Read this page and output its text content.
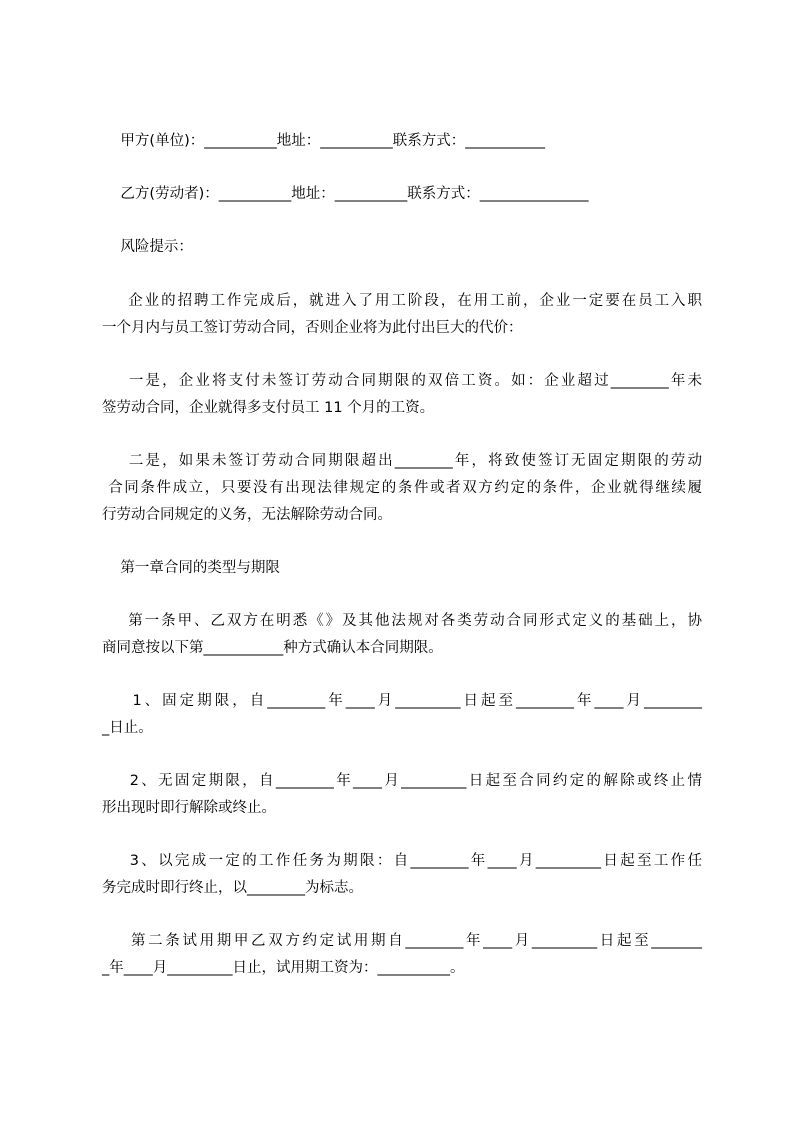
甲方(单位)：__________地址：__________联系方式：___________
乙方(劳动者)：__________地址：__________联系方式：_______________
风险提示：
企业的招聘工作完成后，就进入了用工阶段，在用工前，企业一定要在员工入职
一个月内与员工签订劳动合同，否则企业将为此付出巨大的代价：
一是，企业将支付未签订劳动合同期限的双倍工资。如：企业超过________年未
签劳动合同，企业就得多支付员工 11 个月的工资。
二是，如果未签订劳动合同期限超出________年，将致使签订无固定期限的劳动
合同条件成立，只要没有出现法律规定的条件或者双方约定的条件，企业就得继续履
行劳动合同规定的义务，无法解除劳动合同。
第一章合同的类型与期限
第一条甲、乙双方在明悉《》及其他法规对各类劳动合同形式定义的基础上，协
商同意按以下第___________种方式确认本合同期限。
1、固定期限，自________年____月_________日起至________年____月________
_日止。
2、无固定期限，自________年____月_________日起至合同约定的解除或终止情
形出现时即行解除或终止。
3、以完成一定的工作任务为期限：自________年____月_________日起至工作任
务完成时即行终止，以________为标志。
第二条试用期甲乙双方约定试用期自________年____月_________日起至_______
_年____月_________日止，试用期工资为：__________。
